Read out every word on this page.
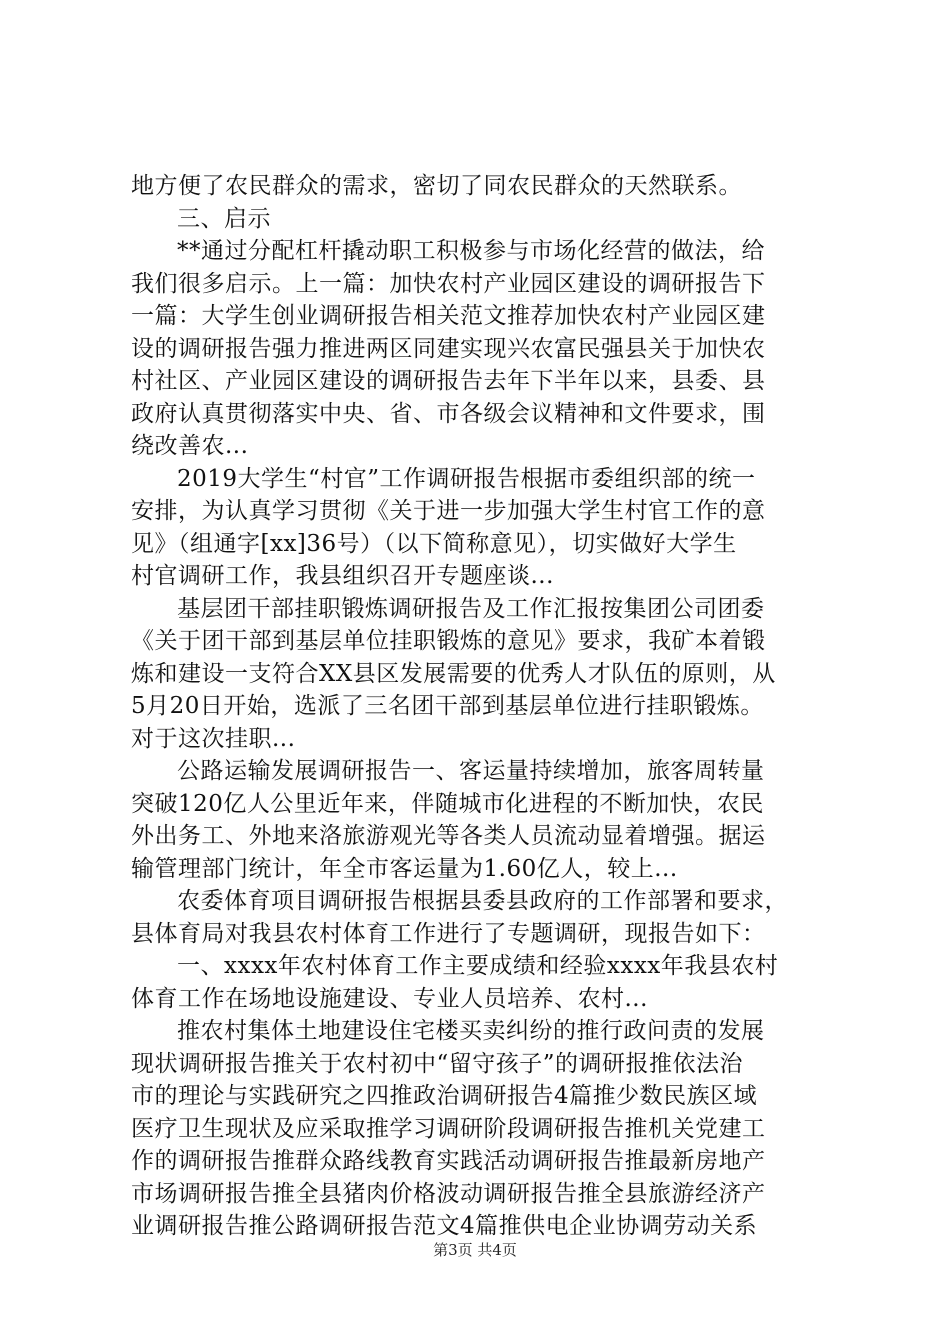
地方便了农民群众的需求，密切了同农民群众的天然联系。
三、启示
**通过分配杠杆撬动职工积极参与市场化经营的做法，给
我们很多启示。上一篇：加快农村产业园区建设的调研报告下
一篇：大学生创业调研报告相关范文推荐加快农村产业园区建
设的调研报告强力推进两区同建实现兴农富民强县关于加快农
村社区、产业园区建设的调研报告去年下半年以来，县委、县
政府认真贯彻落实中央、省、市各级会议精神和文件要求，围
绕改善农...
2019大学生“村官”工作调研报告根据市委组织部的统一
安排，为认真学习贯彻《关于进一步加强大学生村官工作的意
见》（组通字[xx]36号）（以下简称意见），切实做好大学生
村官调研工作，我县组织召开专题座谈...
基层团干部挂职锻炼调研报告及工作汇报按集团公司团委
《关于团干部到基层单位挂职锻炼的意见》要求，我矿本着锻
炼和建设一支符合XX县区发展需要的优秀人才队伍的原则，从
5月20日开始，选派了三名团干部到基层单位进行挂职锻炼。
对于这次挂职...
公路运输发展调研报告一、客运量持续增加，旅客周转量
突破120亿人公里近年来，伴随城市化进程的不断加快，农民
外出务工、外地来洛旅游观光等各类人员流动显着增强。据运
输管理部门统计，年全市客运量为1.60亿人，较上...
农委体育项目调研报告根据县委县政府的工作部署和要求，
县体育局对我县农村体育工作进行了专题调研，现报告如下：
一、xxxx年农村体育工作主要成绩和经验xxxx年我县农村
体育工作在场地设施建设、专业人员培养、农村...
推农村集体土地建设住宅楼买卖纠纷的推行政问责的发展
现状调研报告推关于农村初中“留守孩子”的调研报推依法治
市的理论与实践研究之四推政治调研报告4篇推少数民族区域
医疗卫生现状及应采取推学习调研阶段调研报告推机关党建工
作的调研报告推群众路线教育实践活动调研报告推最新房地产
市场调研报告推全县猪肉价格波动调研报告推全县旅游经济产
业调研报告推公路调研报告范文4篇推供电企业协调劳动关系
第3页 共4页
